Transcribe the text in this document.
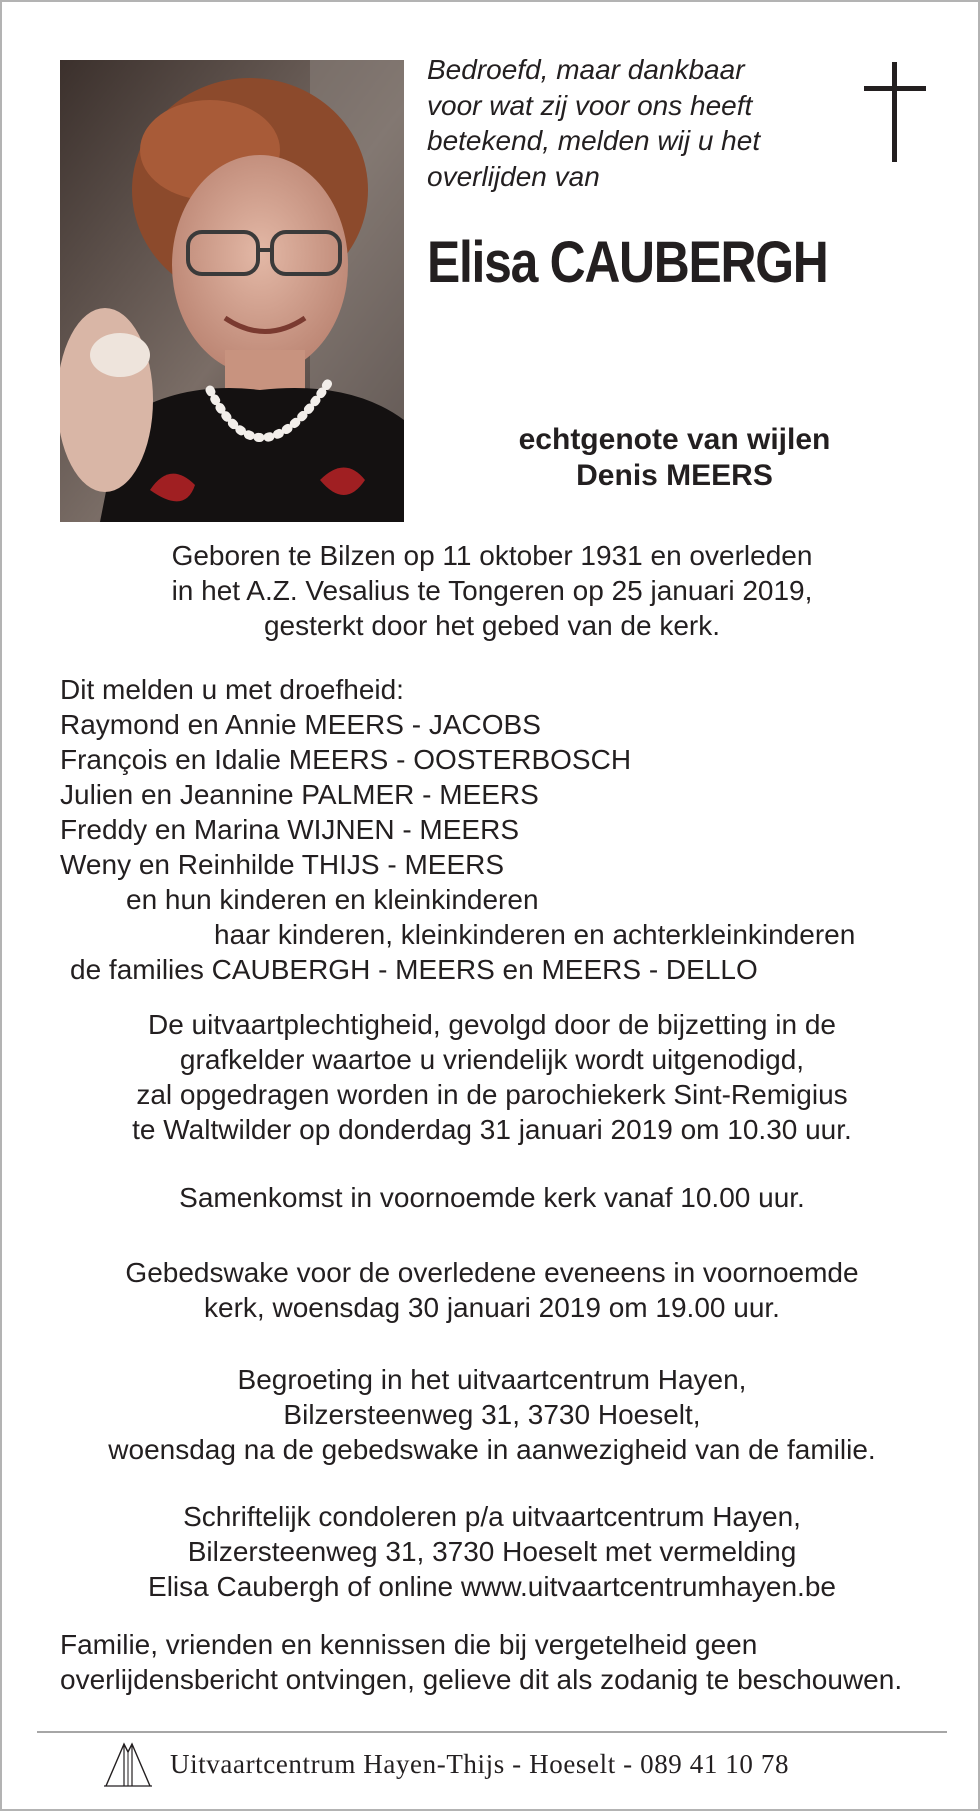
Bedroefd, maar dankbaar
voor wat zij voor ons heeft
betekend, melden wij u het
overlijden van
Elisa CAUBERGH
echtgenote van wijlen
Denis MEERS
Geboren te Bilzen op 11 oktober 1931 en overleden
in het A.Z. Vesalius te Tongeren op 25 januari 2019,
gesterkt door het gebed van de kerk.
Dit melden u met droefheid:
Raymond en Annie MEERS - JACOBS
François en Idalie MEERS - OOSTERBOSCH
Julien en Jeannine PALMER - MEERS
Freddy en Marina WIJNEN - MEERS
Weny en Reinhilde THIJS - MEERS
en hun kinderen en kleinkinderen
haar kinderen, kleinkinderen en achterkleinkinderen
de families CAUBERGH - MEERS en MEERS - DELLO
De uitvaartplechtigheid, gevolgd door de bijzetting in de
grafkelder waartoe u vriendelijk wordt uitgenodigd,
zal opgedragen worden in de parochiekerk Sint-Remigius
te Waltwilder op donderdag 31 januari 2019 om 10.30 uur.
Samenkomst in voornoemde kerk vanaf 10.00 uur.
Gebedswake voor de overledene eveneens in voornoemde
kerk, woensdag 30 januari 2019 om 19.00 uur.
Begroeting in het uitvaartcentrum Hayen,
Bilzersteenweg 31, 3730 Hoeselt,
woensdag na de gebedswake in aanwezigheid van de familie.
Schriftelijk condoleren p/a uitvaartcentrum Hayen,
Bilzersteenweg 31, 3730 Hoeselt met vermelding
Elisa Caubergh of online www.uitvaartcentrumhayen.be
Familie, vrienden en kennissen die bij vergetelheid geen overlijdensbericht ontvingen, gelieve dit als zodanig te beschouwen.
Uitvaartcentrum Hayen-Thijs - Hoeselt - 089 41 10 78
